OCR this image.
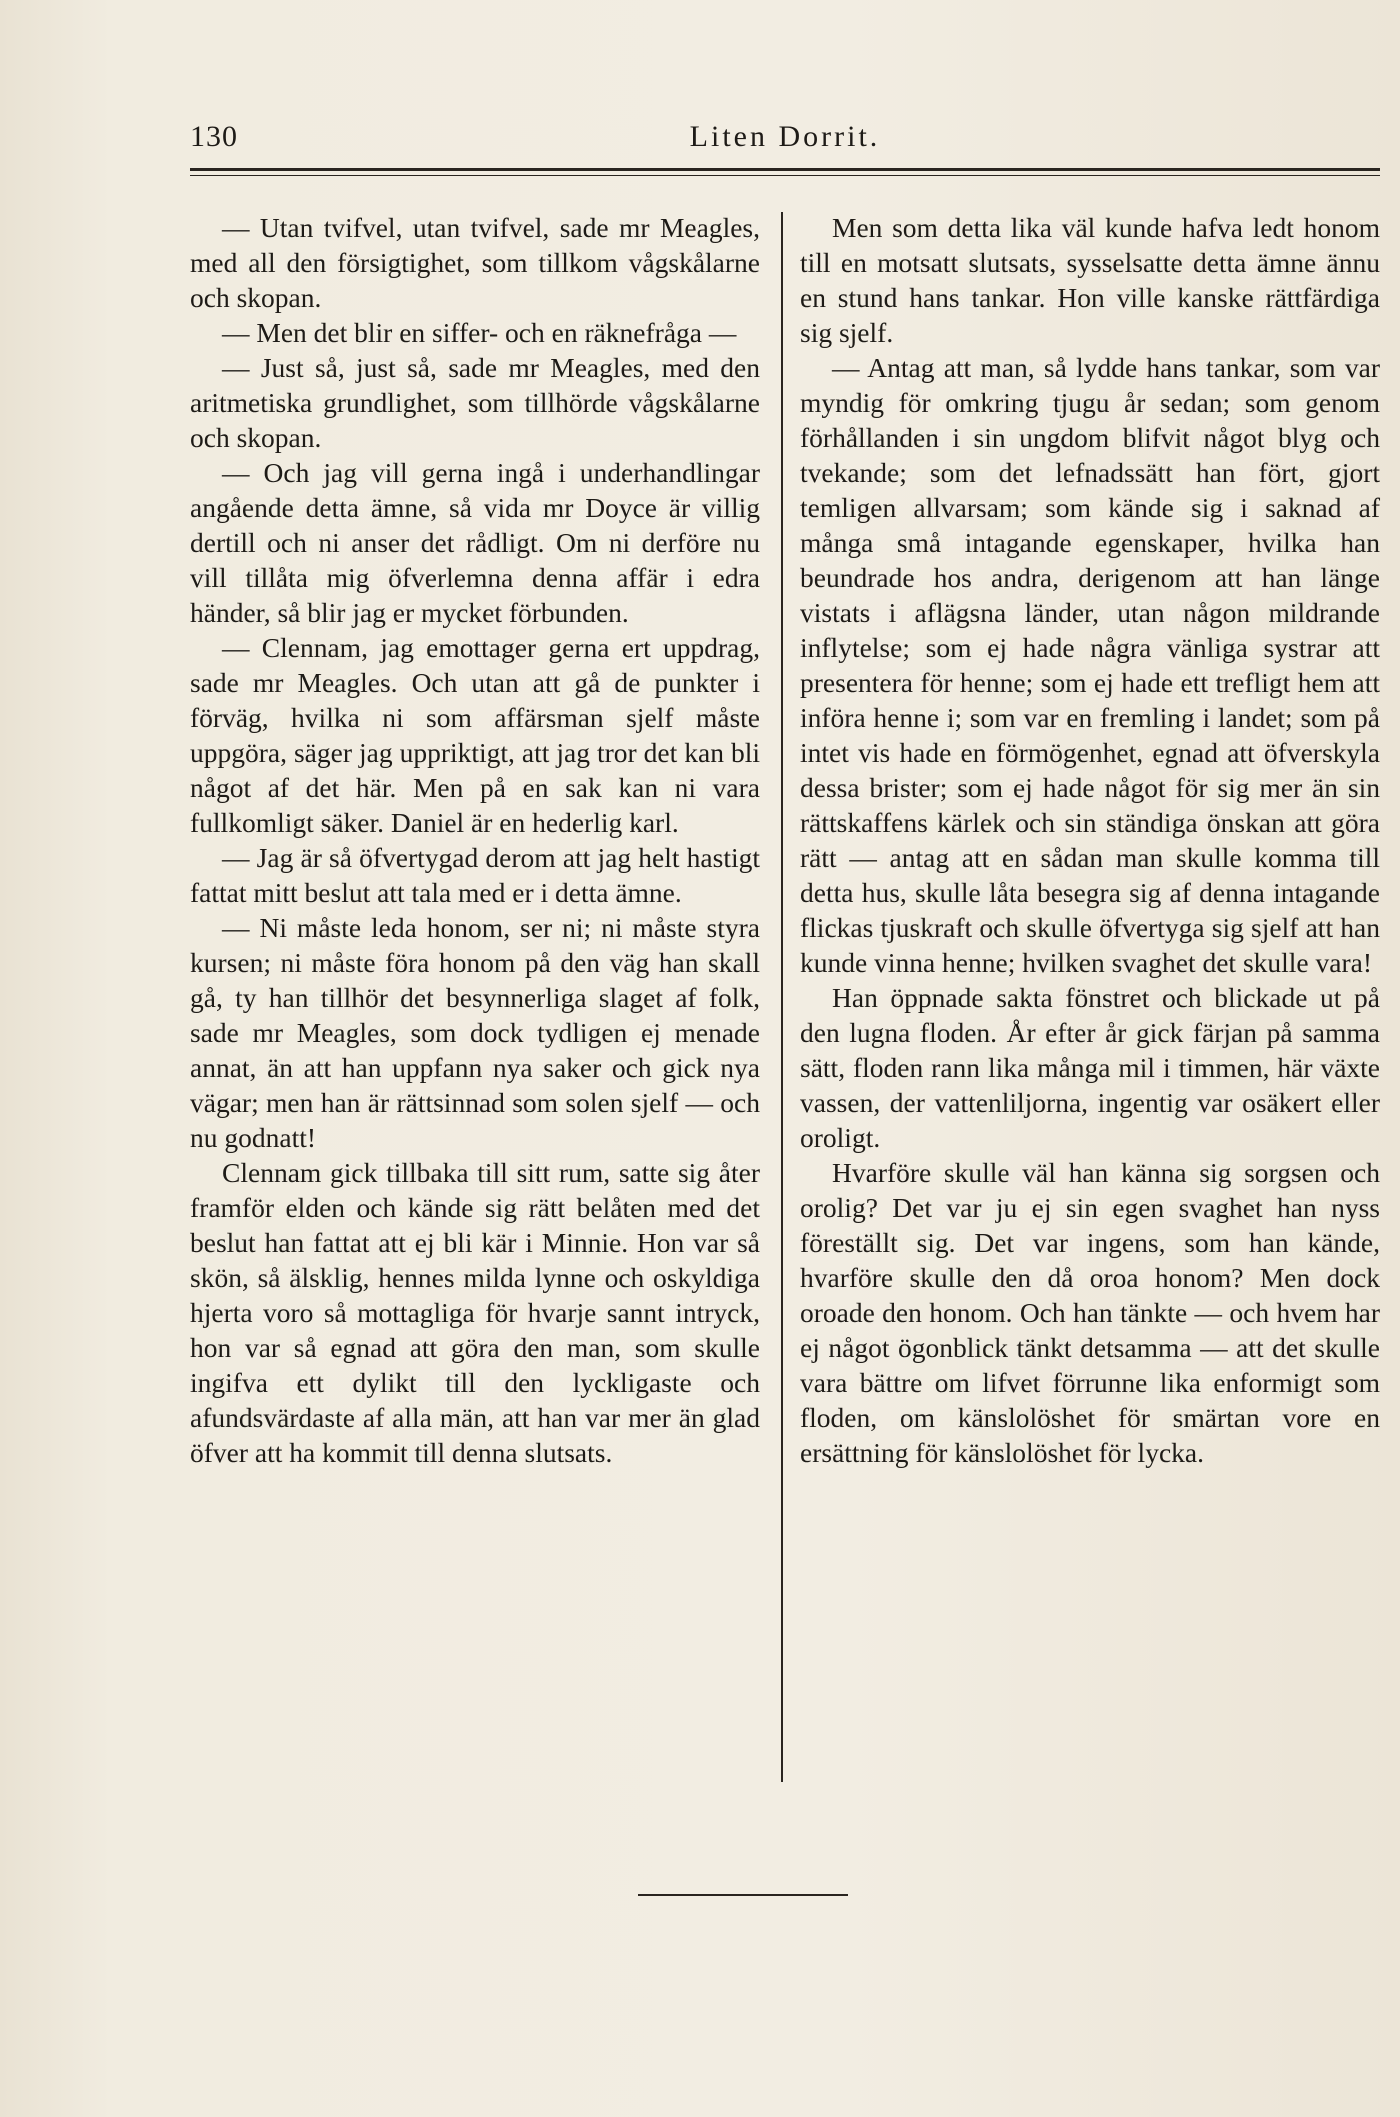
130	Liten Dorrit.

— Utan tvifvel, utan tvifvel, sade mr Meagles, med all den försigtighet, som tillkom vågskålarne och skopan.

— Men det blir en siffer- och en räknefråga —

— Just så, just så, sade mr Meagles, med den aritmetiska grundlighet, som tillhörde vågskålarne och skopan.

— Och jag vill gerna ingå i underhandlingar angående detta ämne, så vida mr Doyce är villig dertill och ni anser det rådligt. Om ni derföre nu vill tillåta mig öfverlemna denna affär i edra händer, så blir jag er mycket förbunden.

— Clennam, jag emottager gerna ert uppdrag, sade mr Meagles. Och utan att gå de punkter i förväg, hvilka ni som affärsman sjelf måste uppgöra, säger jag uppriktigt, att jag tror det kan bli något af det här. Men på en sak kan ni vara fullkomligt säker. Daniel är en hederlig karl.

— Jag är så öfvertygad derom att jag helt hastigt fattat mitt beslut att tala med er i detta ämne.

— Ni måste leda honom, ser ni; ni måste styra kursen; ni måste föra honom på den väg han skall gå, ty han tillhör det besynnerliga slaget af folk, sade mr Meagles, som dock tydligen ej menade annat, än att han uppfann nya saker och gick nya vägar; men han är rättsinnad som solen sjelf — och nu godnatt!

Clennam gick tillbaka till sitt rum, satte sig åter framför elden och kände sig rätt belåten med det beslut han fattat att ej bli kär i Minnie. Hon var så skön, så älsklig, hennes milda lynne och oskyldiga hjerta voro så mottagliga för hvarje sannt intryck, hon var så egnad att göra den man, som skulle ingifva ett dylikt till den lyckligaste och afundsvärdaste af alla män, att han var mer än glad öfver att ha kommit till denna slutsats.

Men som detta lika väl kunde hafva ledt honom till en motsatt slutsats, sysselsatte detta ämne ännu en stund hans tankar. Hon ville kanske rättfärdiga sig sjelf.

— Antag att man, så lydde hans tankar, som var myndig för omkring tjugu år sedan; som genom förhållanden i sin ungdom blifvit något blyg och tvekande; som det lefnadssätt han fört, gjort temligen allvarsam; som kände sig i saknad af många små intagande egenskaper, hvilka han beundrade hos andra, derigenom att han länge vistats i aflägsna länder, utan någon mildrande inflytelse; som ej hade några vänliga systrar att presentera för henne; som ej hade ett trefligt hem att införa henne i; som var en fremling i landet; som på intet vis hade en förmögenhet, egnad att öfverskyla dessa brister; som ej hade något för sig mer än sin rättskaffens kärlek och sin ständiga önskan att göra rätt — antag att en sådan man skulle komma till detta hus, skulle låta besegra sig af denna intagande flickas tjuskraft och skulle öfvertyga sig sjelf att han kunde vinna henne; hvilken svaghet det skulle vara!

Han öppnade sakta fönstret och blickade ut på den lugna floden. År efter år gick färjan på samma sätt, floden rann lika många mil i timmen, här växte vassen, der vattenliljorna, ingentig var osäkert eller oroligt.

Hvarföre skulle väl han känna sig sorgsen och orolig? Det var ju ej sin egen svaghet han nyss föreställt sig. Det var ingens, som han kände, hvarföre skulle den då oroa honom? Men dock oroade den honom. Och han tänkte — och hvem har ej något ögonblick tänkt detsamma — att det skulle vara bättre om lifvet förrunne lika enformigt som floden, om känslolöshet för smärtan vore en ersättning för känslolöshet för lycka.
